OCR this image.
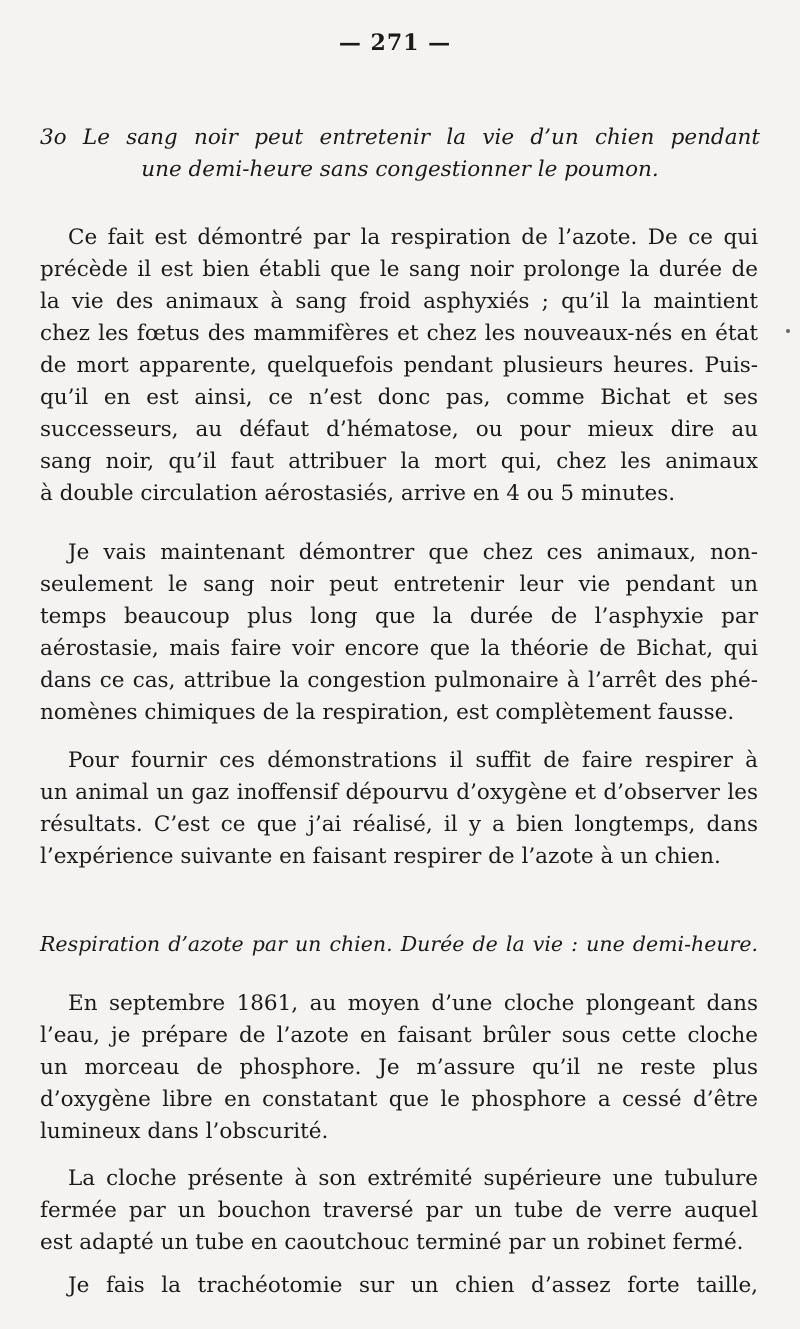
— 271 —
3o Le sang noir peut entretenir la vie d’un chien pendant
une demi-heure sans congestionner le poumon.
Ce fait est démontré par la respiration de l’azote. De ce qui
précède il est bien établi que le sang noir prolonge la durée de
la vie des animaux à sang froid asphyxiés ; qu’il la maintient
chez les fœtus des mammifères et chez les nouveaux-nés en état
de mort apparente, quelquefois pendant plusieurs heures. Puis-
qu’il en est ainsi, ce n’est donc pas, comme Bichat et ses
successeurs, au défaut d’hématose, ou pour mieux dire au
sang noir, qu’il faut attribuer la mort qui, chez les animaux
à double circulation aérostasiés, arrive en 4 ou 5 minutes.
Je vais maintenant démontrer que chez ces animaux, non-
seulement le sang noir peut entretenir leur vie pendant un
temps beaucoup plus long que la durée de l’asphyxie par
aérostasie, mais faire voir encore que la théorie de Bichat, qui
dans ce cas, attribue la congestion pulmonaire à l’arrêt des phé-
nomènes chimiques de la respiration, est complètement fausse.
Pour fournir ces démonstrations il suffit de faire respirer à
un animal un gaz inoffensif dépourvu d’oxygène et d’observer les
résultats. C’est ce que j’ai réalisé, il y a bien longtemps, dans
l’expérience suivante en faisant respirer de l’azote à un chien.
Respiration d’azote par un chien. Durée de la vie : une demi-heure.
En septembre 1861, au moyen d’une cloche plongeant dans
l’eau, je prépare de l’azote en faisant brûler sous cette cloche
un morceau de phosphore. Je m’assure qu’il ne reste plus
d’oxygène libre en constatant que le phosphore a cessé d’être
lumineux dans l’obscurité.
La cloche présente à son extrémité supérieure une tubulure
fermée par un bouchon traversé par un tube de verre auquel
est adapté un tube en caoutchouc terminé par un robinet fermé.
Je fais la trachéotomie sur un chien d’assez forte taille,
